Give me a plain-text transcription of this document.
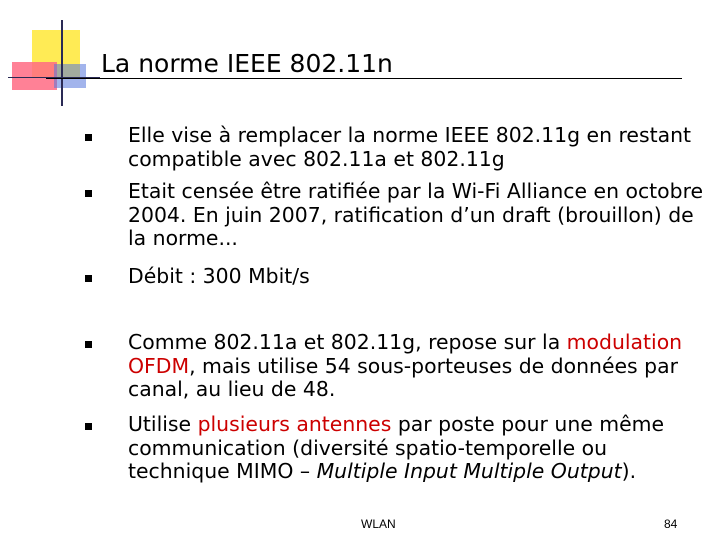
La norme IEEE 802.11n
Elle vise à remplacer la norme IEEE 802.11g en restant compatible avec 802.11a et 802.11g
Etait censée être ratifiée par la Wi-Fi Alliance en octobre 2004. En juin 2007, ratification d’un draft (brouillon) de la norme...
Débit : 300 Mbit/s
Comme 802.11a et 802.11g, repose sur la modulation OFDM, mais utilise 54 sous-porteuses de données par canal, au lieu de 48.
Utilise plusieurs antennes par poste pour une même communication (diversité spatio-temporelle ou technique MIMO – Multiple Input Multiple Output).
WLAN	84
